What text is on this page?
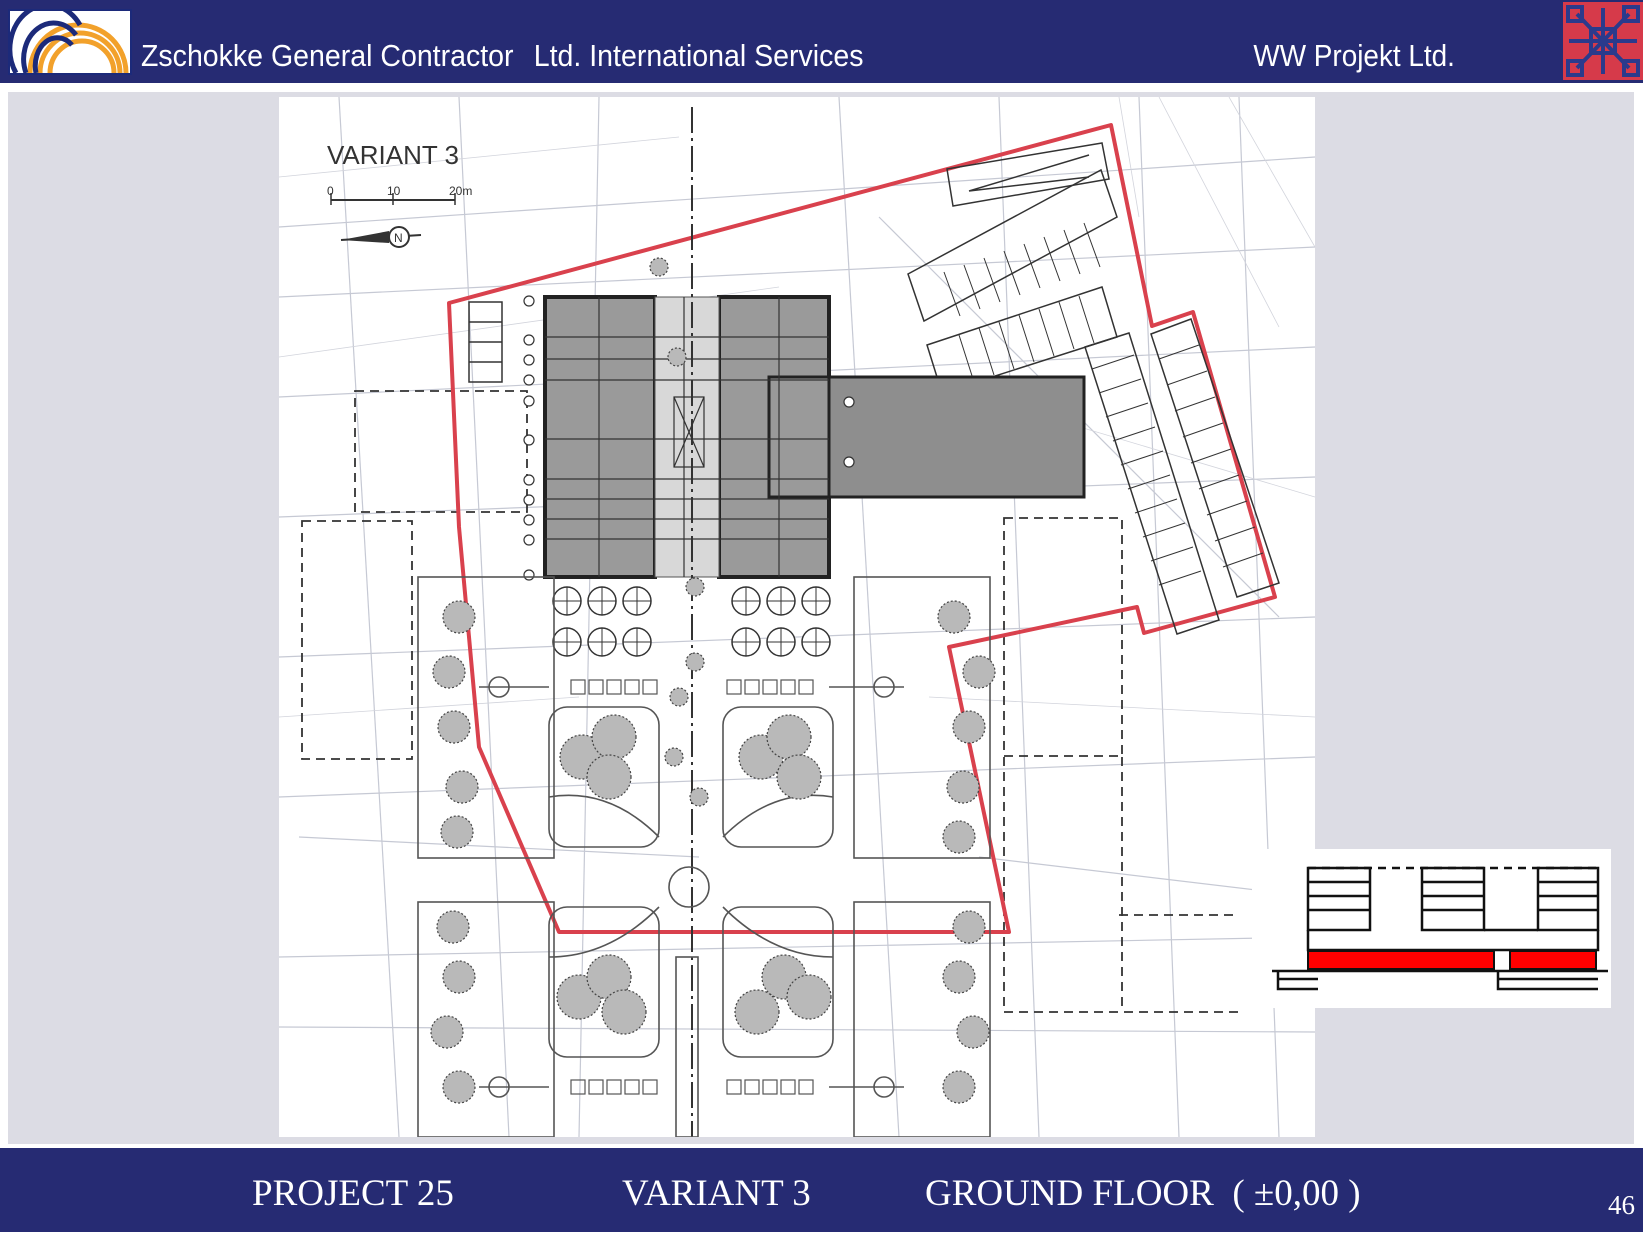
Zschokke General Contractor Ltd. International Services	WW Projekt Ltd.
VARIANT 3
0	10	20m
N
PROJECT 25	VARIANT 3	GROUND FLOOR  ( ±0,00 )	46
